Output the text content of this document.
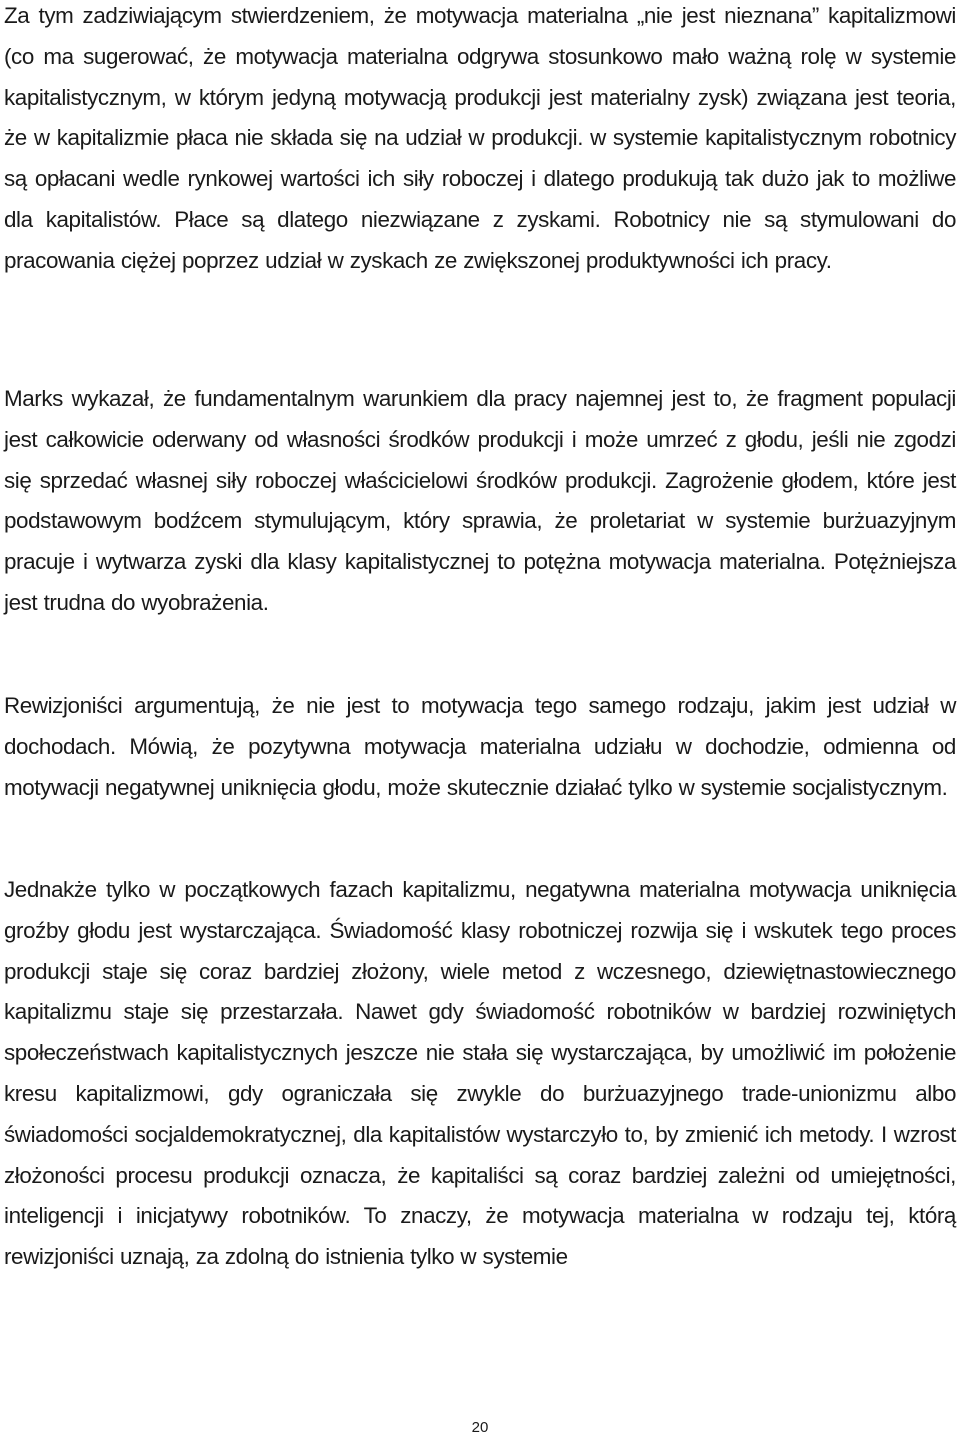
Za tym zadziwiającym stwierdzeniem, że motywacja materialna „nie jest nieznana” kapitalizmowi (co ma sugerować, że motywacja materialna odgrywa stosunkowo mało ważną rolę w systemie kapitalistycznym, w którym jedyną motywacją produkcji jest materialny zysk) związana jest teoria, że w kapitalizmie płaca nie składa się na udział w produkcji. w systemie kapitalistycznym robotnicy są opłacani wedle rynkowej wartości ich siły roboczej i dlatego produkują tak dużo jak to możliwe dla kapitalistów. Płace są dlatego niezwiązane z zyskami. Robotnicy nie są stymulowani do pracowania ciężej poprzez udział w zyskach ze zwiększonej produktywności ich pracy.

Marks wykazał, że fundamentalnym warunkiem dla pracy najemnej jest to, że fragment populacji jest całkowicie oderwany od własności środków produkcji i może umrzeć z głodu, jeśli nie zgodzi się sprzedać własnej siły roboczej właścicielowi środków produkcji. Zagrożenie głodem, które jest podstawowym bodźcem stymulującym, który sprawia, że proletariat w systemie burżuazyjnym pracuje i wytwarza zyski dla klasy kapitalistycznej to potężna motywacja materialna. Potężniejsza jest trudna do wyobrażenia.

Rewizjoniści argumentują, że nie jest to motywacja tego samego rodzaju, jakim jest udział w dochodach. Mówią, że pozytywna motywacja materialna udziału w dochodzie, odmienna od motywacji negatywnej uniknięcia głodu, może skutecznie działać tylko w systemie socjalistycznym.

Jednakże tylko w początkowych fazach kapitalizmu, negatywna materialna motywacja uniknięcia groźby głodu jest wystarczająca. Świadomość klasy robotniczej rozwija się i wskutek tego proces produkcji staje się coraz bardziej złożony, wiele metod z wczesnego, dziewiętnastowiecznego kapitalizmu staje się przestarzała. Nawet gdy świadomość robotników w bardziej rozwiniętych społeczeństwach kapitalistycznych jeszcze nie stała się wystarczająca, by umożliwić im położenie kresu kapitalizmowi, gdy ograniczała się zwykle do burżuazyjnego trade-unionizmu albo świadomości socjaldemokratycznej, dla kapitalistów wystarczyło to, by zmienić ich metody. I wzrost złożoności procesu produkcji oznacza, że kapitaliści są coraz bardziej zależni od umiejętności, inteligencji i inicjatywy robotników. To znaczy, że motywacja materialna w rodzaju tej, którą rewizjoniści uznają, za zdolną do istnienia tylko w systemie

20
